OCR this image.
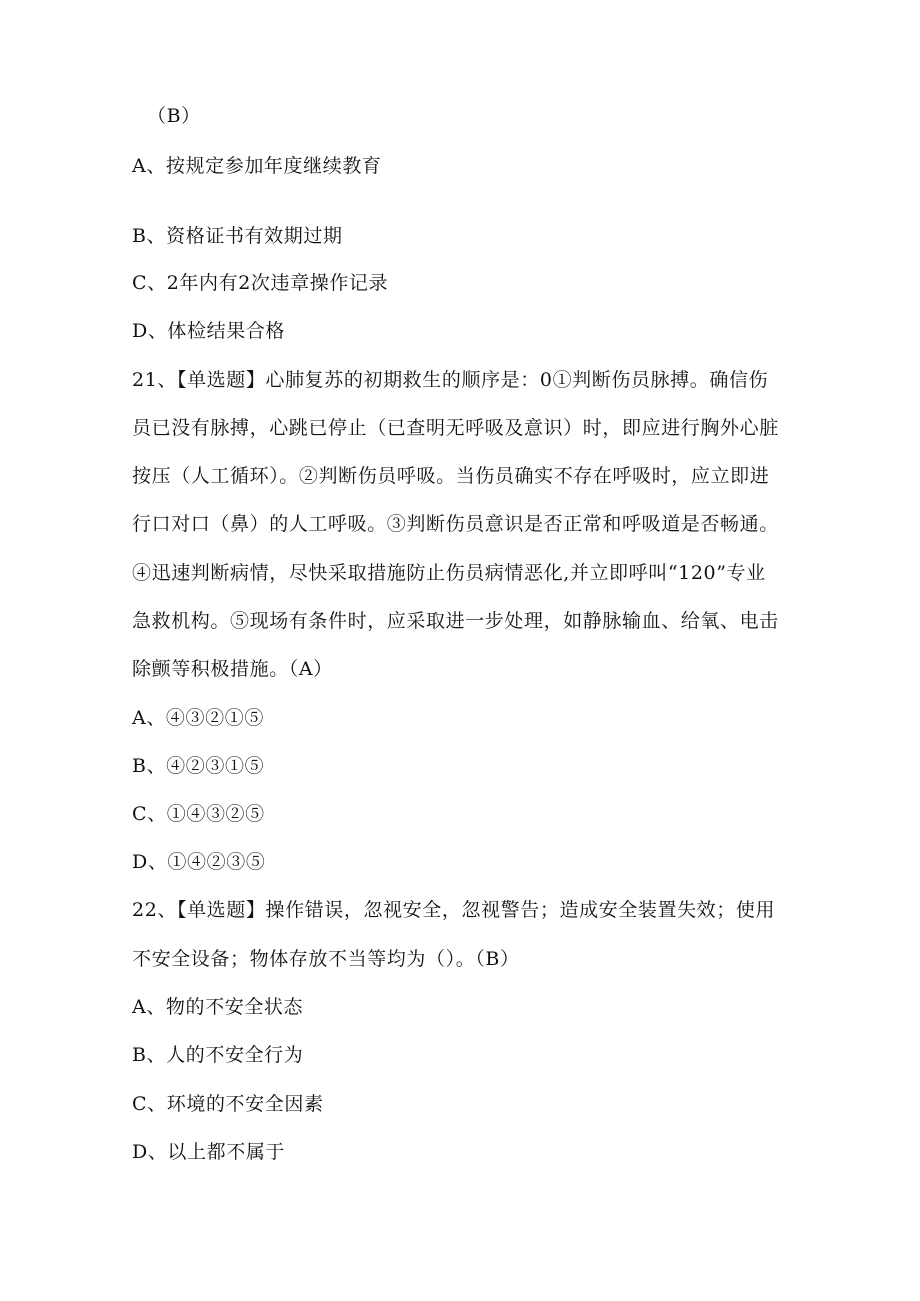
（B）
A、按规定参加年度继续教育
B、资格证书有效期过期
C、2年内有2次违章操作记录
D、体检结果合格
21、【单选题】心肺复苏的初期救生的顺序是：0①判断伤员脉搏。确信伤
员已没有脉搏，心跳已停止（已查明无呼吸及意识）时，即应进行胸外心脏
按压（人工循环）。②判断伤员呼吸。当伤员确实不存在呼吸时，应立即进
行口对口（鼻）的人工呼吸。③判断伤员意识是否正常和呼吸道是否畅通。
④迅速判断病情，尽快采取措施防止伤员病情恶化,并立即呼叫“120”专业
急救机构。⑤现场有条件时，应采取进一步处理，如静脉输血、给氧、电击
除颤等积极措施。（A）
A、④③②①⑤
B、④②③①⑤
C、①④③②⑤
D、①④②③⑤
22、【单选题】操作错误，忽视安全，忽视警告；造成安全装置失效；使用
不安全设备；物体存放不当等均为（）。（B）
A、物的不安全状态
B、人的不安全行为
C、环境的不安全因素
D、以上都不属于
